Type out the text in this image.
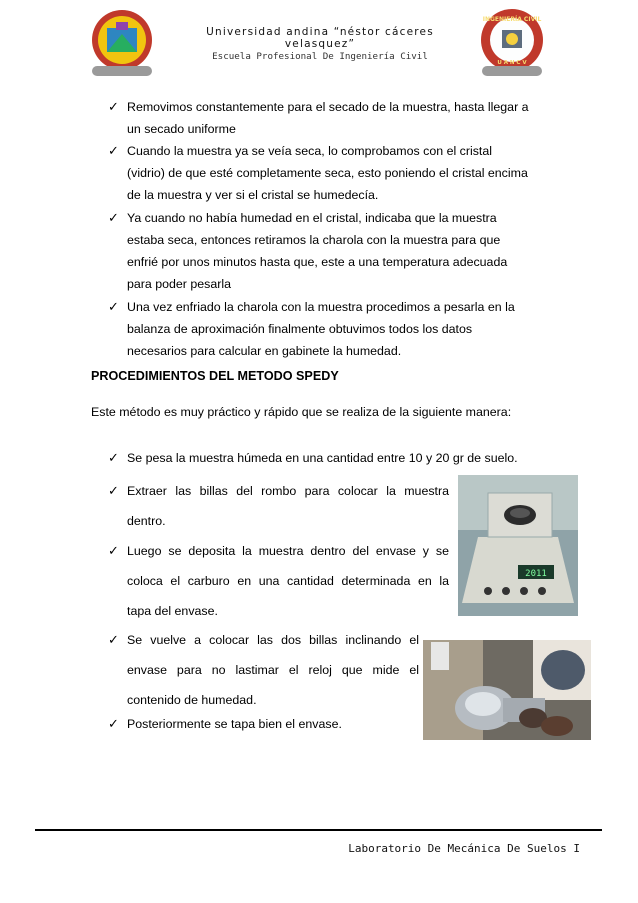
Universidad andina “néstor cáceres
velasquez”
Escuela Profesional De Ingeniería Civil
INGENIERÍA CIVIL
U A N C V
✓ Removimos constantemente para el secado de la muestra, hasta llegar a
un secado uniforme
✓ Cuando la muestra ya se veía seca, lo comprobamos con el cristal
(vidrio) de que esté completamente seca, esto poniendo el cristal encima
de la muestra y ver si el cristal se humedecía.
✓ Ya cuando no había humedad en el cristal, indicaba que la muestra
estaba seca, entonces retiramos la charola con la muestra para que
enfrié por unos minutos hasta que, este a una temperatura adecuada
para poder pesarla
✓ Una vez enfriado la charola con la muestra procedimos a pesarla en la
balanza de aproximación finalmente obtuvimos todos los datos
necesarios para calcular en gabinete la humedad.
PROCEDIMIENTOS DEL METODO SPEDY
Este método es muy práctico y rápido que se realiza de la siguiente manera:
✓ Se pesa la muestra húmeda en una cantidad entre 10 y 20 gr de suelo.
✓ Extraer las billas del rombo para colocar la muestra
dentro.
✓ Luego se deposita la muestra dentro del envase y se
coloca el carburo en una cantidad determinada en la
tapa del envase.
✓ Se vuelve a colocar las dos billas inclinando el
envase para no lastimar el reloj que mide el
contenido de humedad.
✓ Posteriormente se tapa bien el envase.
2011
Laboratorio De Mecánica De Suelos I
